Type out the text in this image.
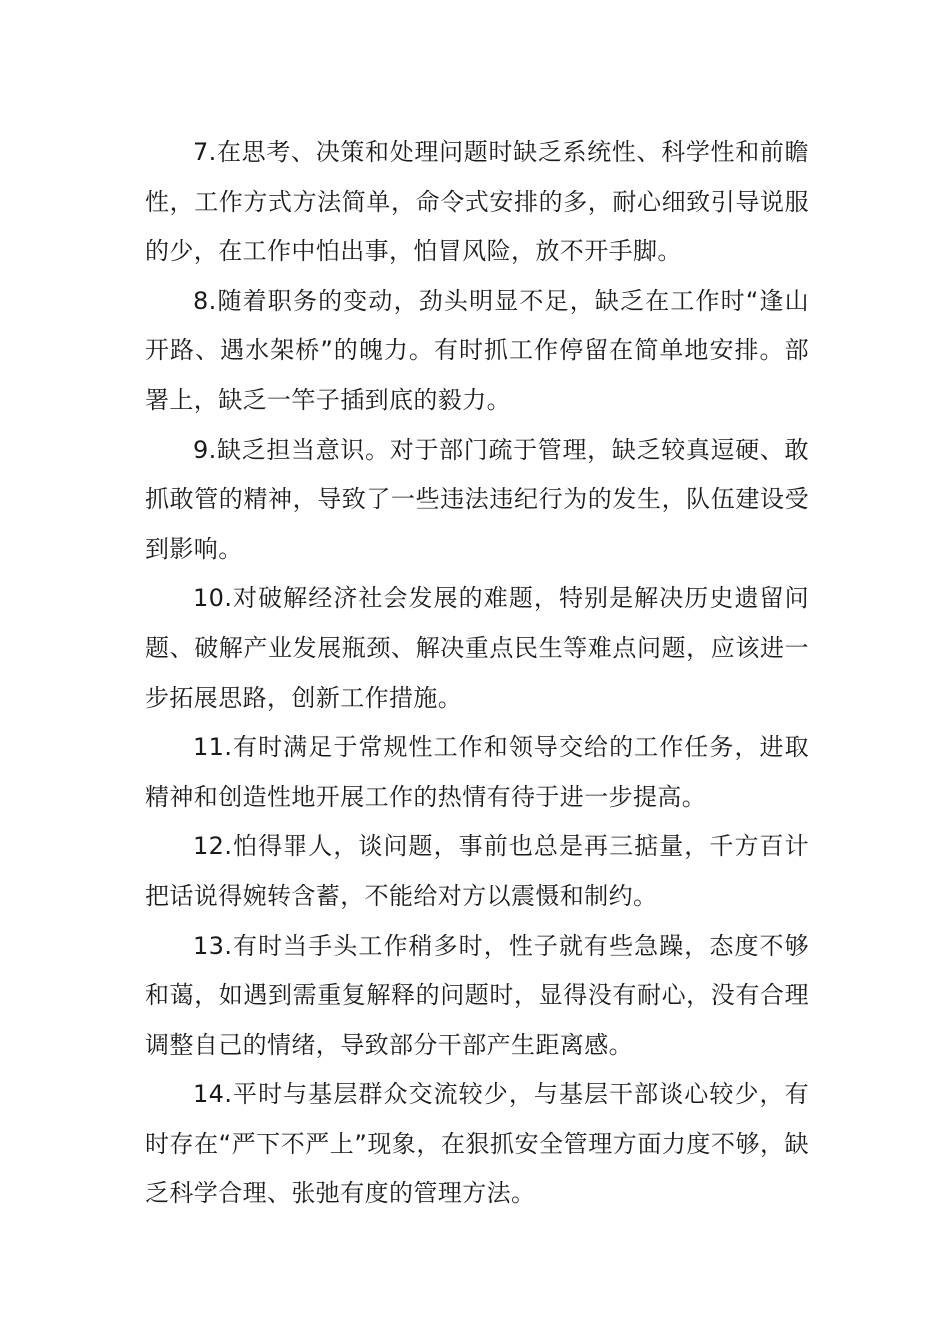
7.在思考、决策和处理问题时缺乏系统性、科学性和前瞻性，工作方式方法简单，命令式安排的多，耐心细致引导说服的少，在工作中怕出事，怕冒风险，放不开手脚。

8.随着职务的变动，劲头明显不足，缺乏在工作时“逢山开路、遇水架桥”的魄力。有时抓工作停留在简单地安排。部署上，缺乏一竿子插到底的毅力。

9.缺乏担当意识。对于部门疏于管理，缺乏较真逗硬、敢抓敢管的精神，导致了一些违法违纪行为的发生，队伍建设受到影响。

10.对破解经济社会发展的难题，特别是解决历史遗留问题、破解产业发展瓶颈、解决重点民生等难点问题，应该进一步拓展思路，创新工作措施。

11.有时满足于常规性工作和领导交给的工作任务，进取精神和创造性地开展工作的热情有待于进一步提高。

12.怕得罪人，谈问题，事前也总是再三掂量，千方百计把话说得婉转含蓄，不能给对方以震慑和制约。

13.有时当手头工作稍多时，性子就有些急躁，态度不够和蔼，如遇到需重复解释的问题时，显得没有耐心，没有合理调整自己的情绪，导致部分干部产生距离感。

14.平时与基层群众交流较少，与基层干部谈心较少，有时存在“严下不严上”现象，在狠抓安全管理方面力度不够，缺乏科学合理、张弛有度的管理方法。
